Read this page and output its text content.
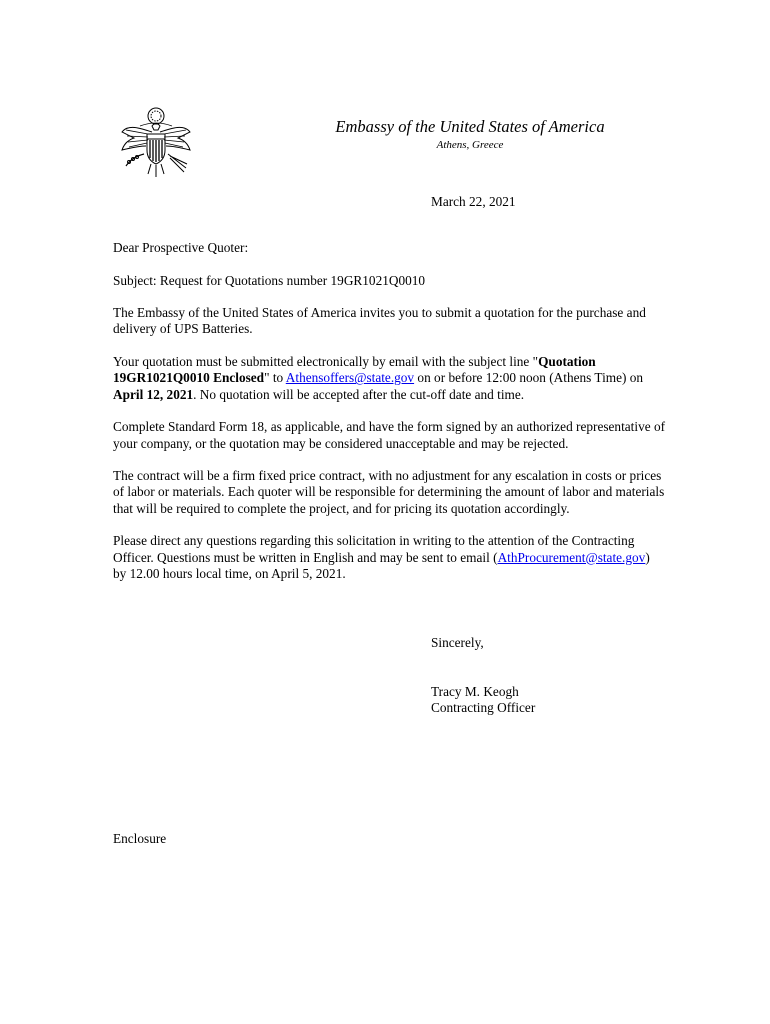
Embassy of the United States of America
Athens, Greece
March 22, 2021

Dear Prospective Quoter:

Subject: Request for Quotations number 19GR1021Q0010

The Embassy of the United States of America invites you to submit a quotation for the purchase and delivery of UPS Batteries.

Your quotation must be submitted electronically by email with the subject line "Quotation 19GR1021Q0010 Enclosed" to Athensoffers@state.gov on or before 12:00 noon (Athens Time) on April 12, 2021. No quotation will be accepted after the cut-off date and time.

Complete Standard Form 18, as applicable, and have the form signed by an authorized representative of your company, or the quotation may be considered unacceptable and may be rejected.

The contract will be a firm fixed price contract, with no adjustment for any escalation in costs or prices of labor or materials. Each quoter will be responsible for determining the amount of labor and materials that will be required to complete the project, and for pricing its quotation accordingly.

Please direct any questions regarding this solicitation in writing to the attention of the Contracting Officer. Questions must be written in English and may be sent to email (AthProcurement@state.gov) by 12.00 hours local time, on April 5, 2021.

Sincerely,
Tracy M. Keogh
Contracting Officer
Enclosure
